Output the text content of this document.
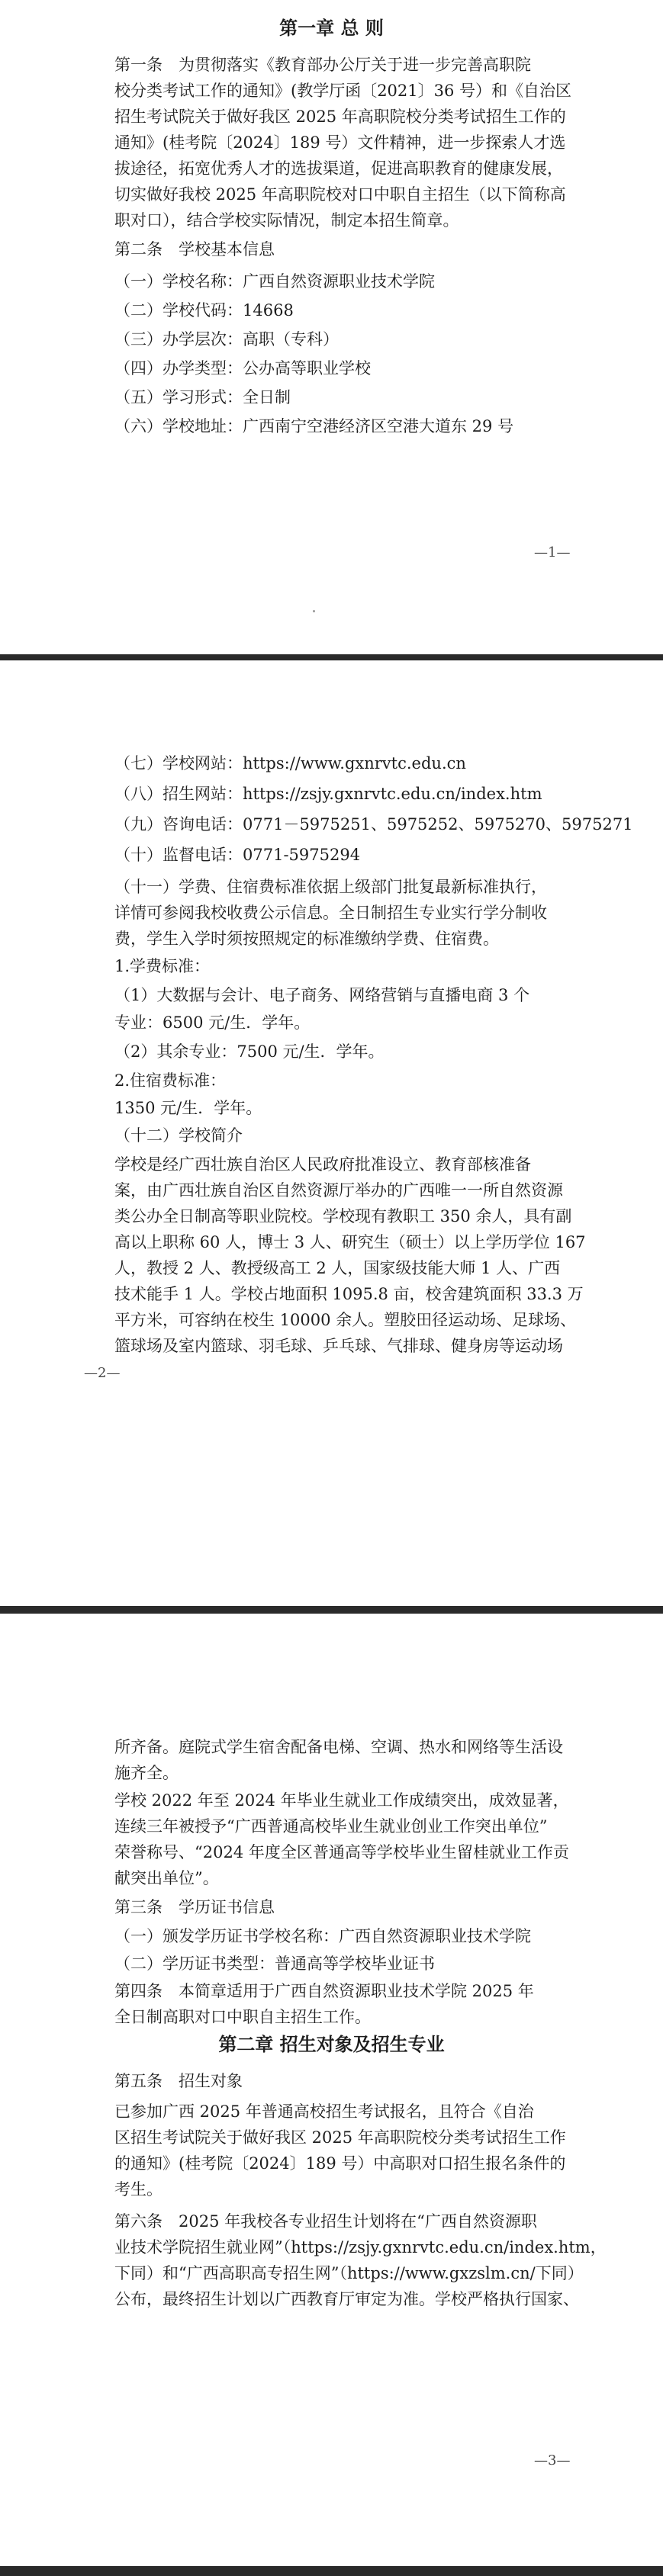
第一章 总 则
第一条　为贯彻落实《教育部办公厅关于进一步完善高职院
校分类考试工作的通知》(教学厅函〔2021〕36 号）和《自治区
招生考试院关于做好我区 2025 年高职院校分类考试招生工作的
通知》(桂考院〔2024〕189 号）文件精神，进一步探索人才选
拔途径，拓宽优秀人才的选拔渠道，促进高职教育的健康发展，
切实做好我校 2025 年高职院校对口中职自主招生（以下简称高
职对口），结合学校实际情况，制定本招生简章。
第二条　学校基本信息
（一）学校名称：广西自然资源职业技术学院
（二）学校代码：14668
（三）办学层次：高职（专科）
（四）办学类型：公办高等职业学校
（五）学习形式：全日制
（六）学校地址：广西南宁空港经济区空港大道东 29 号
—1—
（七）学校网站：https://www.gxnrvtc.edu.cn
（八）招生网站：https://zsjy.gxnrvtc.edu.cn/index.htm
（九）咨询电话：0771－5975251、5975252、5975270、5975271
（十）监督电话：0771-5975294
（十一）学费、住宿费标准依据上级部门批复最新标准执行，
详情可参阅我校收费公示信息。全日制招生专业实行学分制收
费，学生入学时须按照规定的标准缴纳学费、住宿费。
1.学费标准：
（1）大数据与会计、电子商务、网络营销与直播电商 3 个
专业：6500 元/生．学年。
（2）其余专业：7500 元/生．学年。
2.住宿费标准：
1350 元/生．学年。
（十二）学校简介
学校是经广西壮族自治区人民政府批准设立、教育部核准备
案，由广西壮族自治区自然资源厅举办的广西唯一一所自然资源
类公办全日制高等职业院校。学校现有教职工 350 余人，具有副
高以上职称 60 人，博士 3 人、研究生（硕士）以上学历学位 167
人，教授 2 人、教授级高工 2 人，国家级技能大师 1 人、广西
技术能手 1 人。学校占地面积 1095.8 亩，校舍建筑面积 33.3 万
平方米，可容纳在校生 10000 余人。塑胶田径运动场、足球场、
篮球场及室内篮球、羽毛球、乒乓球、气排球、健身房等运动场
—2—
所齐备。庭院式学生宿舍配备电梯、空调、热水和网络等生活设
施齐全。
学校 2022 年至 2024 年毕业生就业工作成绩突出，成效显著，
连续三年被授予“广西普通高校毕业生就业创业工作突出单位”
荣誉称号、“2024 年度全区普通高等学校毕业生留桂就业工作贡
献突出单位”。
第三条　学历证书信息
（一）颁发学历证书学校名称：广西自然资源职业技术学院
（二）学历证书类型：普通高等学校毕业证书
第四条　本简章适用于广西自然资源职业技术学院 2025 年
全日制高职对口中职自主招生工作。
第二章 招生对象及招生专业
第五条　招生对象
已参加广西 2025 年普通高校招生考试报名，且符合《自治
区招生考试院关于做好我区 2025 年高职院校分类考试招生工作
的通知》(桂考院〔2024〕189 号）中高职对口招生报名条件的
考生。
第六条　2025 年我校各专业招生计划将在“广西自然资源职
业技术学院招生就业网”（https://zsjy.gxnrvtc.edu.cn/index.htm，
下同）和“广西高职高专招生网”（https://www.gxzslm.cn/下同）
公布，最终招生计划以广西教育厅审定为准。学校严格执行国家、
—3—
